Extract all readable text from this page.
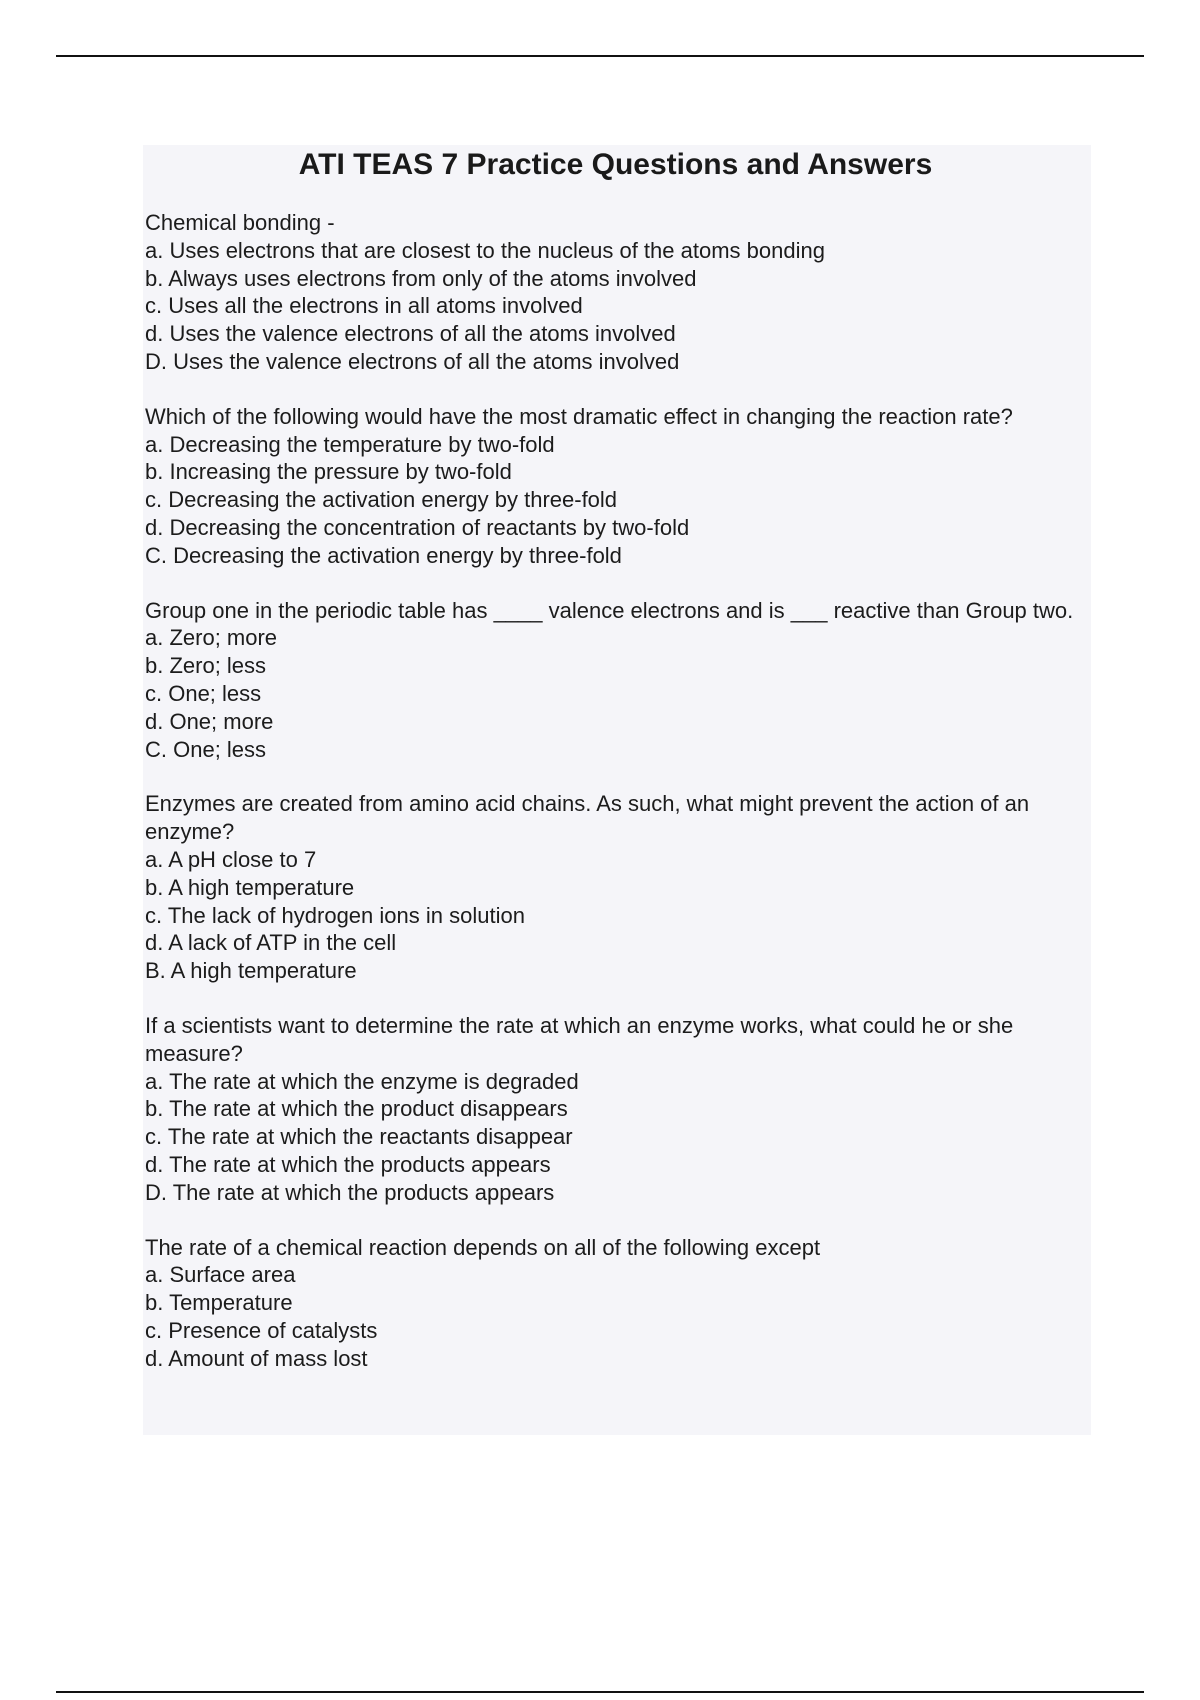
ATI TEAS 7 Practice Questions and Answers

Chemical bonding -

a. Uses electrons that are closest to the nucleus of the atoms bonding

b. Always uses electrons from only of the atoms involved

c. Uses all the electrons in all atoms involved

d. Uses the valence electrons of all the atoms involved

D. Uses the valence electrons of all the atoms involved

Which of the following would have the most dramatic effect in changing the reaction rate?

a. Decreasing the temperature by two-fold

b. Increasing the pressure by two-fold

c. Decreasing the activation energy by three-fold

d. Decreasing the concentration of reactants by two-fold

C. Decreasing the activation energy by three-fold

Group one in the periodic table has ____ valence electrons and is ___ reactive than Group two.

a. Zero; more

b. Zero; less

c. One; less

d. One; more

C. One; less

Enzymes are created from amino acid chains. As such, what might prevent the action of an enzyme?

a. A pH close to 7

b. A high temperature

c. The lack of hydrogen ions in solution

d. A lack of ATP in the cell

B. A high temperature

If a scientists want to determine the rate at which an enzyme works, what could he or she measure?

a. The rate at which the enzyme is degraded

b. The rate at which the product disappears

c. The rate at which the reactants disappear

d. The rate at which the products appears

D. The rate at which the products appears

The rate of a chemical reaction depends on all of the following except

a. Surface area

b. Temperature

c. Presence of catalysts

d. Amount of mass lost
